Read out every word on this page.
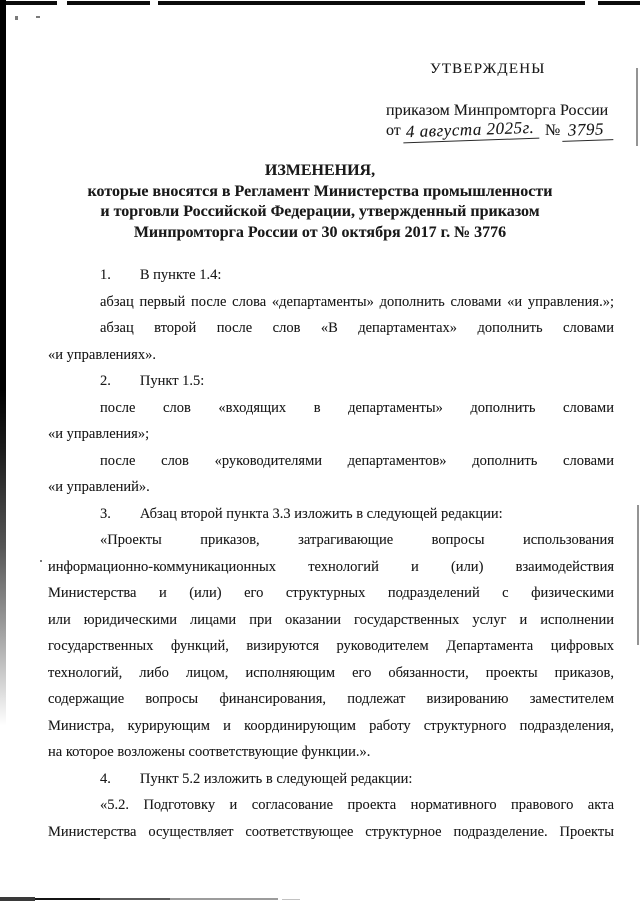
УТВЕРЖДЕНЫ
приказом Минпромторга России
от 4 августа 2025г. № 3795
ИЗМЕНЕНИЯ,
которые вносятся в Регламент Министерства промышленности
и торговли Российской Федерации, утвержденный приказом
Минпромторга России от 30 октября 2017 г. № 3776
1.        В пункте 1.4:
абзац первый после слова «департаменты» дополнить словами «и управления.»;
абзац второй после слов «В департаментах» дополнить словами
«и управлениях».
2.        Пункт 1.5:
после слов «входящих в департаменты» дополнить словами
«и управления»;
после слов «руководителями департаментов» дополнить словами
«и управлений».
3.        Абзац второй пункта 3.3 изложить в следующей редакции:
«Проекты приказов, затрагивающие вопросы использования
информационно-коммуникационных технологий и (или) взаимодействия
Министерства и (или) его структурных подразделений с физическими
или юридическими лицами при оказании государственных услуг и исполнении
государственных функций, визируются руководителем Департамента цифровых
технологий, либо лицом, исполняющим его обязанности, проекты приказов,
содержащие вопросы финансирования, подлежат визированию заместителем
Министра, курирующим и координирующим работу структурного подразделения,
на которое возложены соответствующие функции.».
4.        Пункт 5.2 изложить в следующей редакции:
«5.2. Подготовку и согласование проекта нормативного правового акта
Министерства осуществляет соответствующее структурное подразделение. Проекты
